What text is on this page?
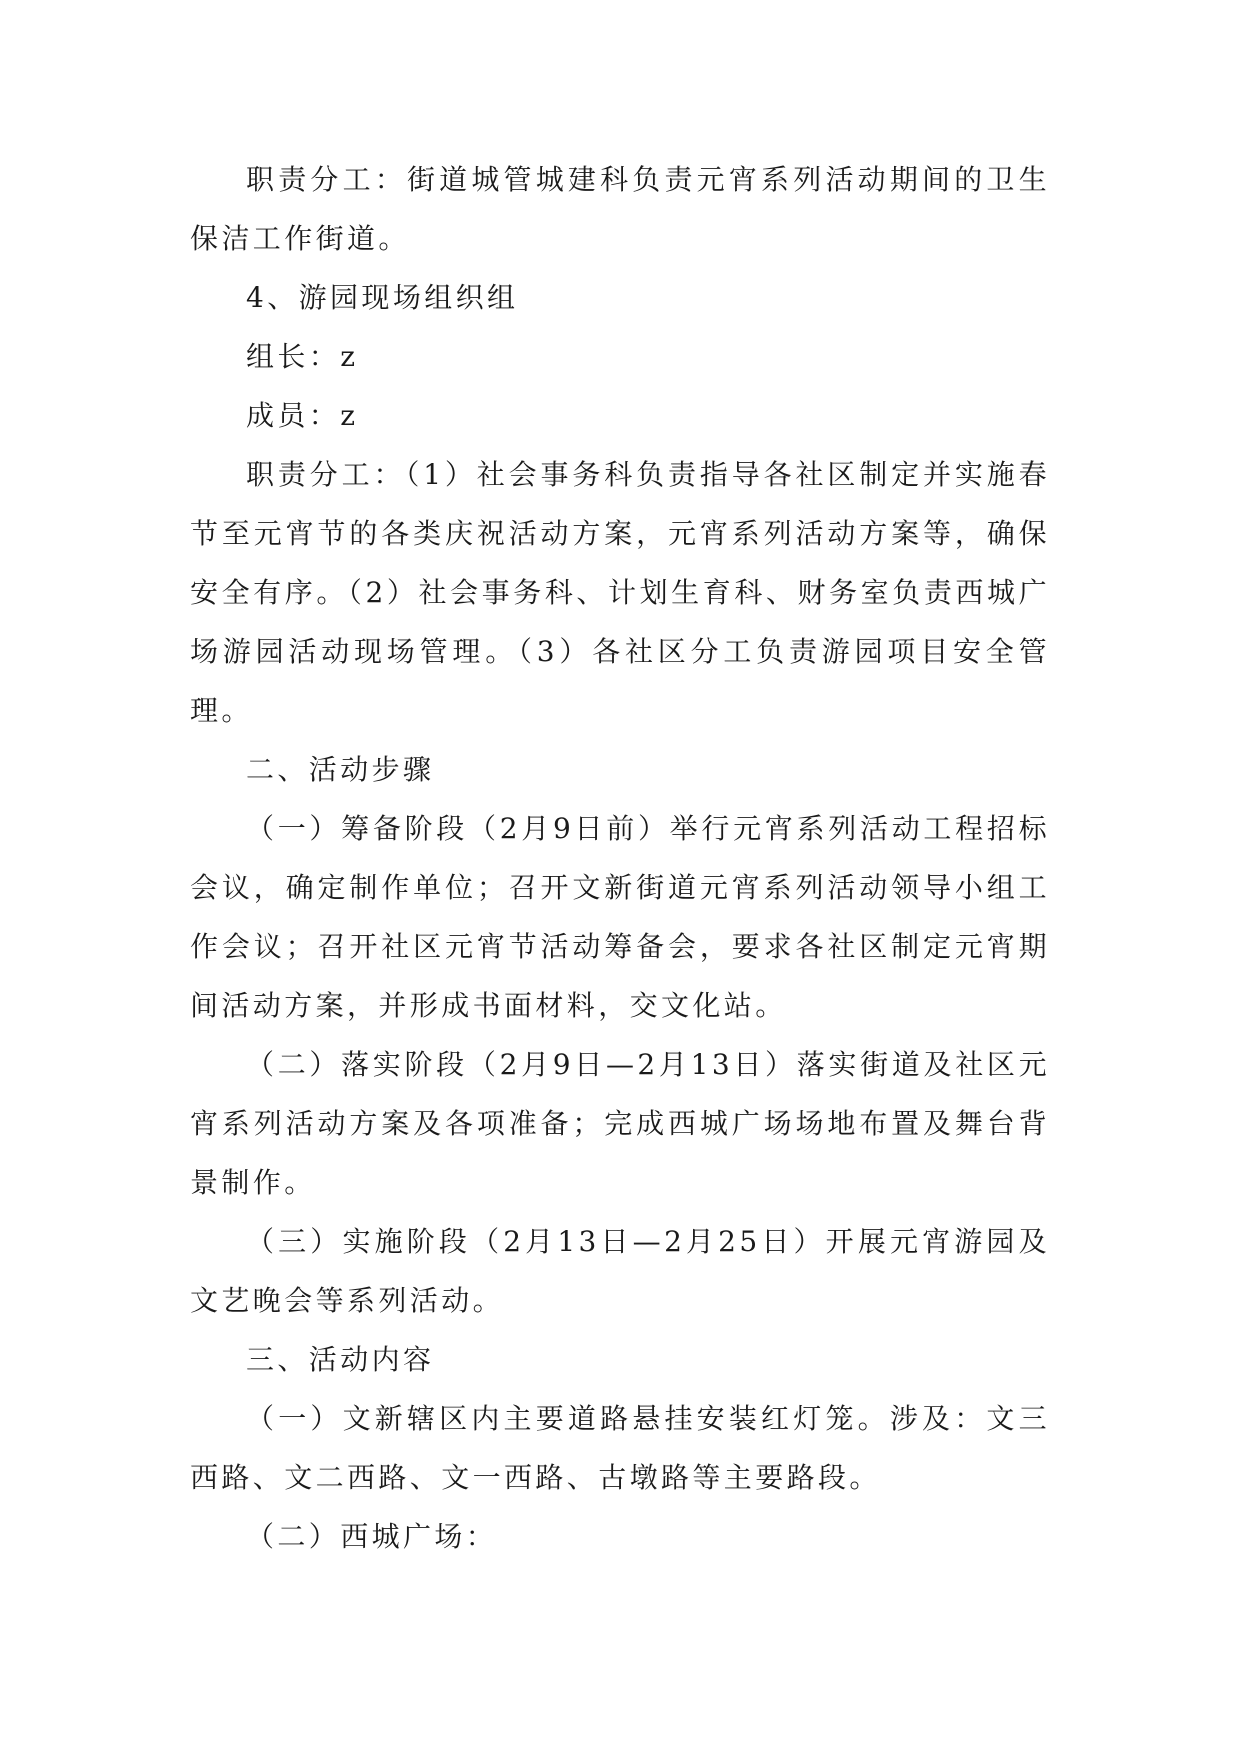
职责分工：街道城管城建科负责元宵系列活动期间的卫生保洁工作街道。

4、游园现场组织组

组长：z

成员：z

职责分工：（1）社会事务科负责指导各社区制定并实施春节至元宵节的各类庆祝活动方案，元宵系列活动方案等，确保安全有序。（2）社会事务科、计划生育科、财务室负责西城广场游园活动现场管理。（3）各社区分工负责游园项目安全管理。

二、活动步骤

（一）筹备阶段（2月9日前）举行元宵系列活动工程招标会议，确定制作单位；召开文新街道元宵系列活动领导小组工作会议；召开社区元宵节活动筹备会，要求各社区制定元宵期间活动方案，并形成书面材料，交文化站。

（二）落实阶段（2月9日—2月13日）落实街道及社区元宵系列活动方案及各项准备；完成西城广场场地布置及舞台背景制作。

（三）实施阶段（2月13日—2月25日）开展元宵游园及文艺晚会等系列活动。

三、活动内容

（一）文新辖区内主要道路悬挂安装红灯笼。涉及：文三西路、文二西路、文一西路、古墩路等主要路段。

（二）西城广场：
